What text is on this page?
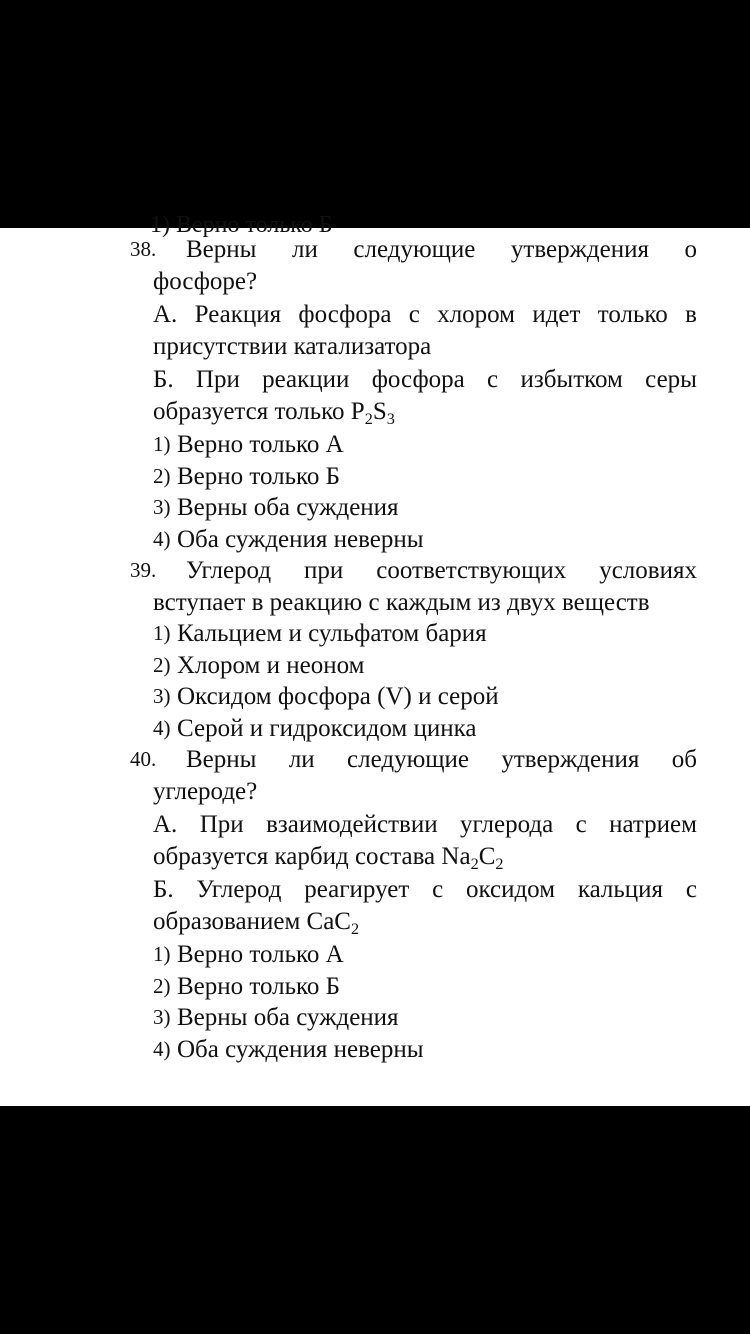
1) Верно только Б
38. Верны ли следующие утверждения о
фосфоре?
А. Реакция фосфора с хлором идет только в
присутствии катализатора
Б. При реакции фосфора с избытком серы
образуется только $P_2S_3$
1) Верно только А
2) Верно только Б
3) Верны оба суждения
4) Оба суждения неверны
39. Углерод при соответствующих условиях
вступает в реакцию с каждым из двух веществ
1) Кальцием и сульфатом бария
2) Хлором и неоном
3) Оксидом фосфора (V) и серой
4) Серой и гидроксидом цинка
40. Верны ли следующие утверждения об
углероде?
А. При взаимодействии углерода с натрием
образуется карбид состава $Na_2C_2$
Б. Углерод реагирует с оксидом кальция с
образованием CaC$_2$
1) Верно только А
2) Верно только Б
3) Верны оба суждения
4) Оба суждения неверны
